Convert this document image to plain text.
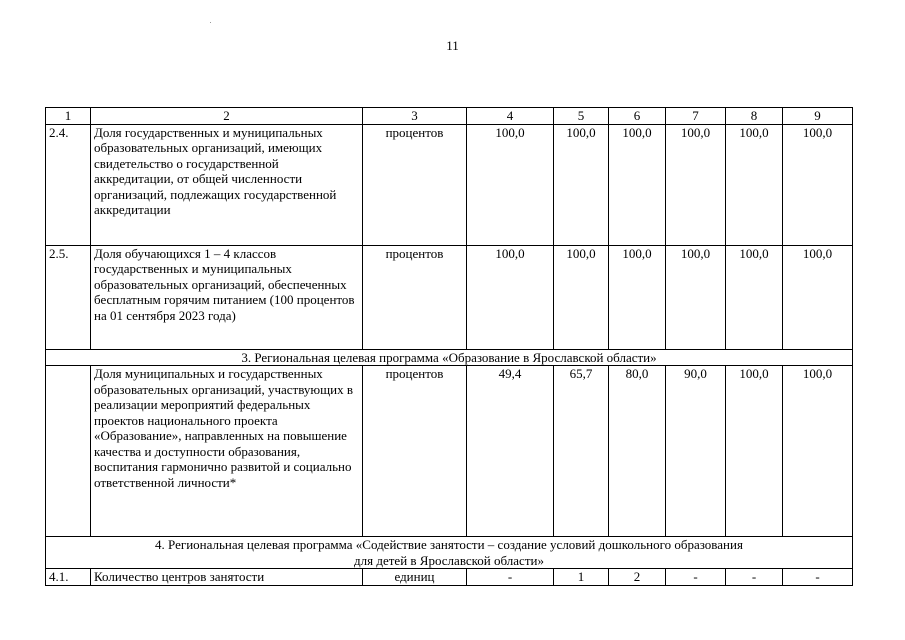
11
1	2	3	4	5	6	7	8	9
2.4.	Доля государственных и муниципальных образовательных организаций, имеющих свидетельство о государственной аккредитации, от общей численности организаций, подлежащих государственной аккредитации	процентов	100,0	100,0	100,0	100,0	100,0	100,0
2.5.	Доля обучающихся 1 – 4 классов государственных и муниципальных образовательных организаций, обеспеченных бесплатным горячим питанием (100 процентов на 01 сентября 2023 года)	процентов	100,0	100,0	100,0	100,0	100,0	100,0
3. Региональная целевая программа «Образование в Ярославской области»								
	Доля муниципальных и государственных образовательных организаций, участвующих в реализации мероприятий федеральных проектов национального проекта «Образование», направленных на повышение качества и доступности образования, воспитания гармонично развитой и социально ответственной личности*	процентов	49,4	65,7	80,0	90,0	100,0	100,0

4. Региональная целевая программа «Содействие занятости – создание условий дошкольного образования
для детей в Ярославской области»								

4.1.	Количество центров занятости	единиц	-	1	2	-	-	-
